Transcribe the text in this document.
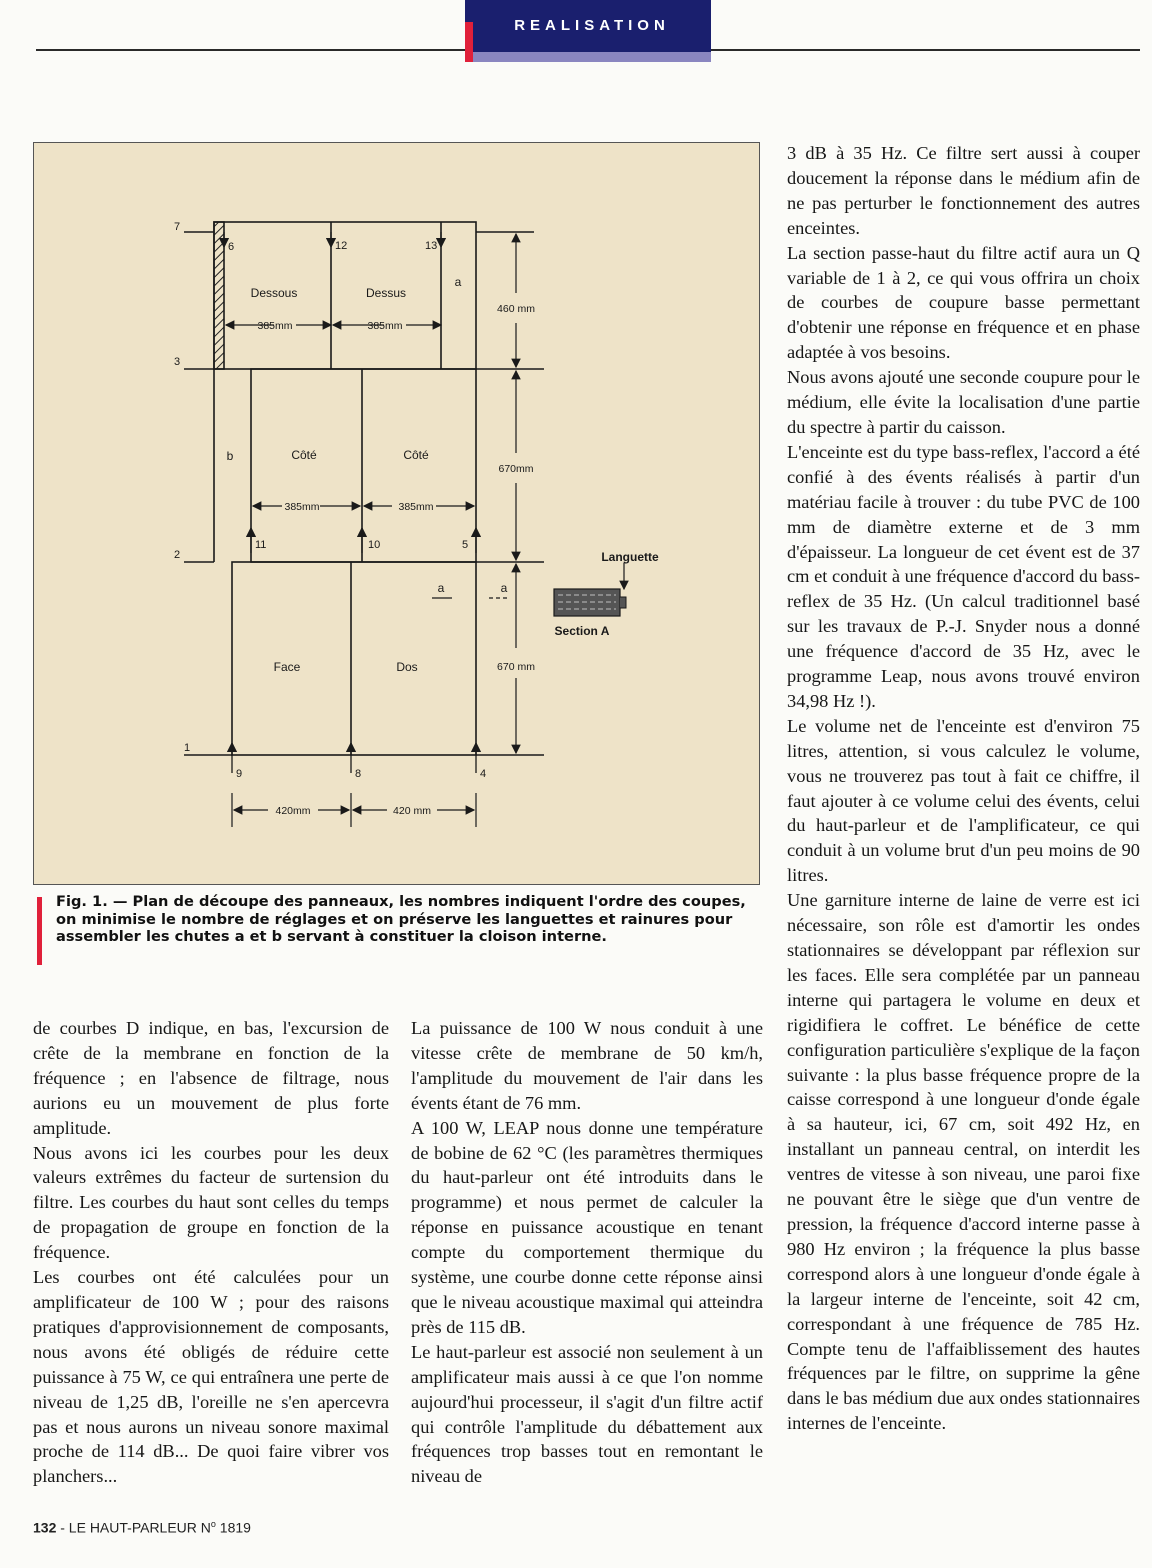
REALISATION
Dessous	Dessus
Côté	Côté
Face	Dos
b
a
a	a
Languette
Section A
385mm	385mm
385mm	385mm
420mm	420 mm
460 mm
670mm
670 mm
1
2
3
4
5
6
7
8
9
10
11
12	13
Fig. 1. — Plan de découpe des panneaux, les nombres indiquent l'ordre des coupes, on minimise le nombre de réglages et on préserve les languettes et rainures pour assembler les chutes a et b servant à constituer la cloison interne.

de courbes D indique, en bas, l'excursion de crête de la membrane en fonction de la fréquence ; en l'absence de filtrage, nous aurions eu un mouvement de plus forte amplitude.

Nous avons ici les courbes pour les deux valeurs extrêmes du facteur de surtension du filtre. Les courbes du haut sont celles du temps de propagation de groupe en fonction de la fréquence.

Les courbes ont été calculées pour un amplificateur de 100 W ; pour des raisons pratiques d'approvisionnement de composants, nous avons été obligés de réduire cette puissance à 75 W, ce qui entraînera une perte de niveau de 1,25 dB, l'oreille ne s'en apercevra pas et nous aurons un niveau sonore maximal proche de 114 dB... De quoi faire vibrer vos planchers...

La puissance de 100 W nous conduit à une vitesse crête de membrane de 50 km/h, l'amplitude du mouvement de l'air dans les évents étant de 76 mm.

A 100 W, LEAP nous donne une température de bobine de 62 °C (les paramètres thermiques du haut-parleur ont été introduits dans le programme) et nous permet de calculer la réponse en puissance acoustique en tenant compte du comportement thermique du système, une courbe donne cette réponse ainsi que le niveau acoustique maximal qui atteindra près de 115 dB.

Le haut-parleur est associé non seulement à un amplificateur mais aussi à ce que l'on nomme aujourd'hui processeur, il s'agit d'un filtre actif qui contrôle l'amplitude du débattement aux fréquences trop basses tout en remontant le niveau de

3 dB à 35 Hz. Ce filtre sert aussi à couper doucement la réponse dans le médium afin de ne pas perturber le fonctionnement des autres enceintes.

La section passe-haut du filtre actif aura un Q variable de 1 à 2, ce qui vous offrira un choix de courbes de coupure basse permettant d'obtenir une réponse en fréquence et en phase adaptée à vos besoins.

Nous avons ajouté une seconde coupure pour le médium, elle évite la localisation d'une partie du spectre à partir du caisson.

L'enceinte est du type bass-reflex, l'accord a été confié à des évents réalisés à partir d'un matériau facile à trouver : du tube PVC de 100 mm de diamètre externe et de 3 mm d'épaisseur. La longueur de cet évent est de 37 cm et conduit à une fréquence d'accord du bass-reflex de 35 Hz. (Un calcul traditionnel basé sur les travaux de P.-J. Snyder nous a donné une fréquence d'accord de 35 Hz, avec le programme Leap, nous avons trouvé environ 34,98 Hz !).

Le volume net de l'enceinte est d'environ 75 litres, attention, si vous calculez le volume, vous ne trouverez pas tout à fait ce chiffre, il faut ajouter à ce volume celui des évents, celui du haut-parleur et de l'amplificateur, ce qui conduit à un volume brut d'un peu moins de 90 litres.

Une garniture interne de laine de verre est ici nécessaire, son rôle est d'amortir les ondes stationnaires se développant par réflexion sur les faces. Elle sera complétée par un panneau interne qui partagera le volume en deux et rigidifiera le coffret. Le bénéfice de cette configuration particulière s'explique de la façon suivante : la plus basse fréquence propre de la caisse correspond à une longueur d'onde égale à sa hauteur, ici, 67 cm, soit 492 Hz, en installant un panneau central, on interdit les ventres de vitesse à son niveau, une paroi fixe ne pouvant être le siège que d'un ventre de pression, la fréquence d'accord interne passe à 980 Hz environ ; la fréquence la plus basse correspond alors à une longueur d'onde égale à la largeur interne de l'enceinte, soit 42 cm, correspondant à une fréquence de 785 Hz. Compte tenu de l'affaiblissement des hautes fréquences par le filtre, on supprime la gêne dans le bas médium due aux ondes stationnaires internes de l'enceinte.

132 - LE HAUT-PARLEUR $N^o$ 1819
